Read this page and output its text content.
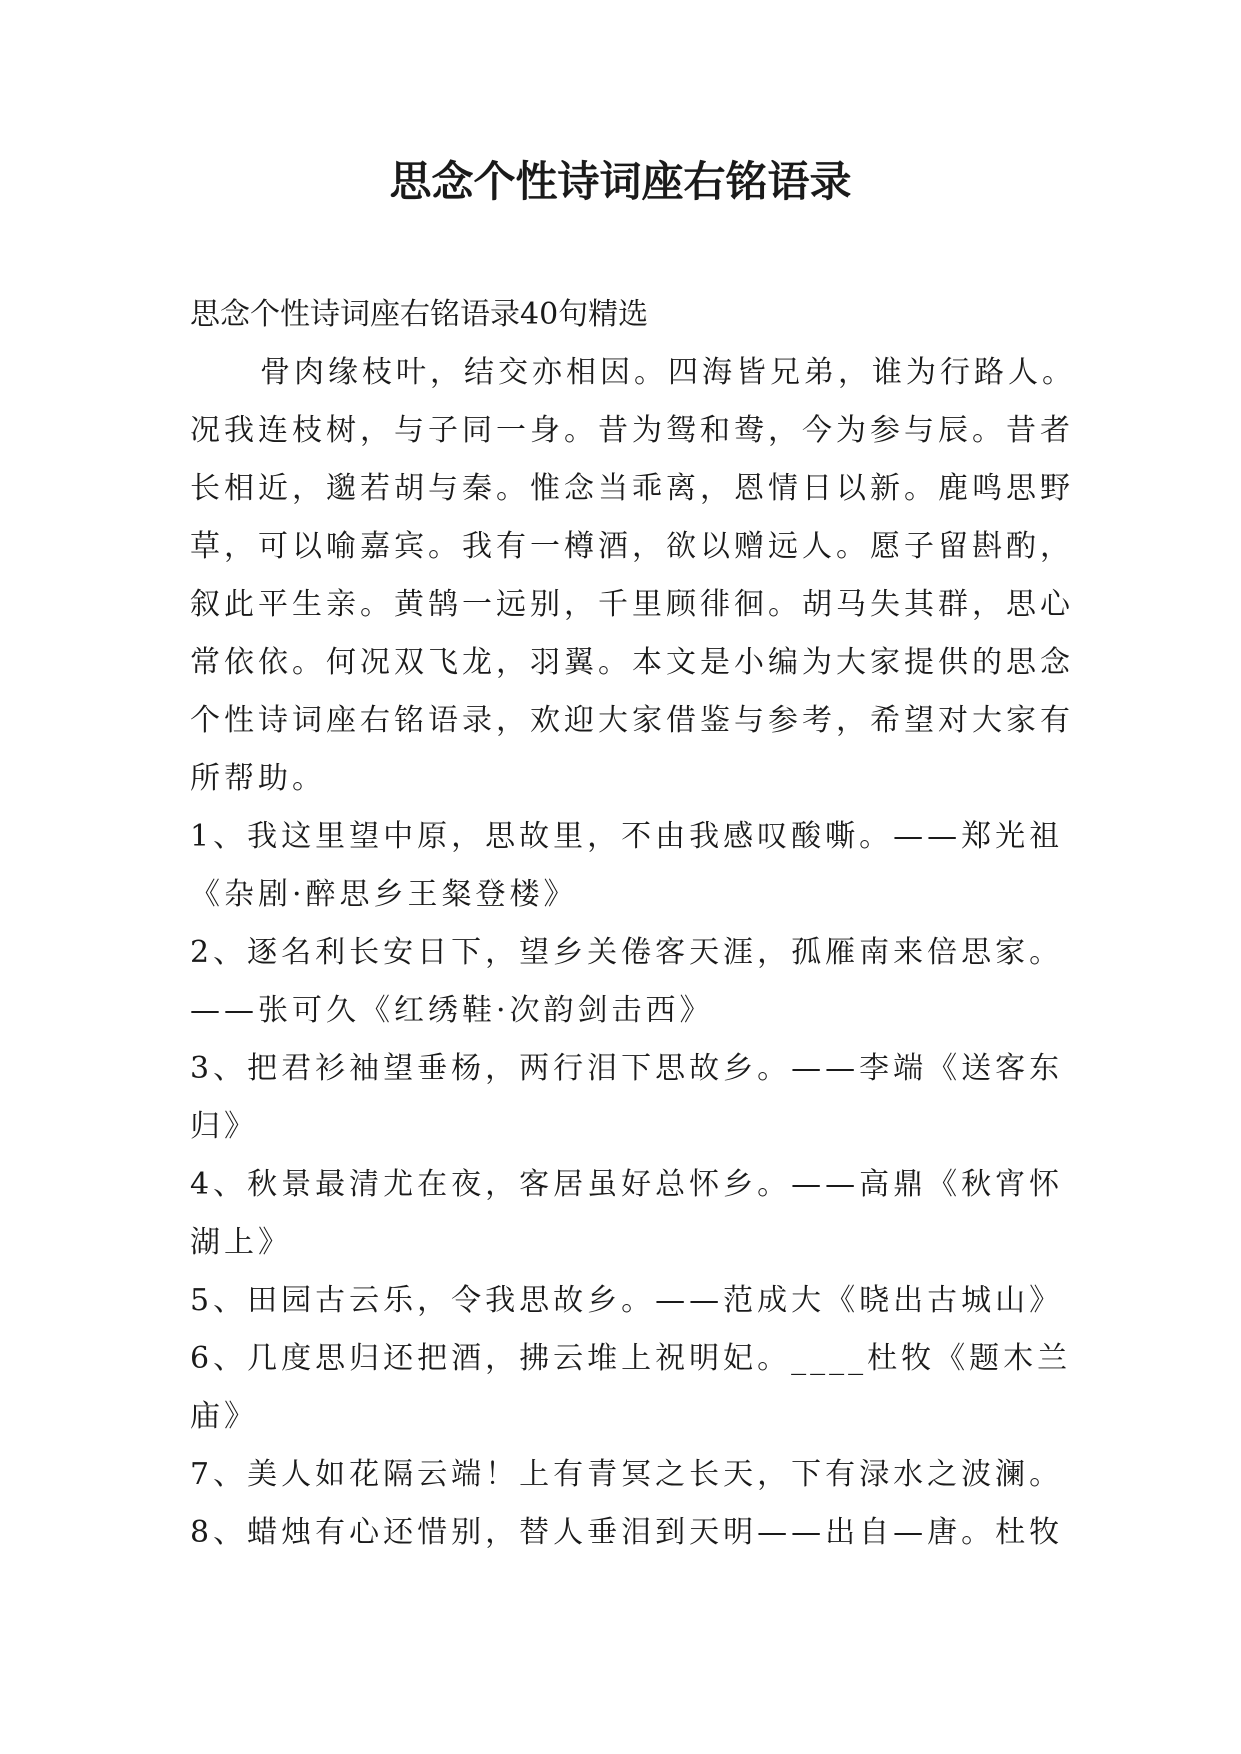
思念个性诗词座右铭语录
思念个性诗词座右铭语录40句精选
骨肉缘枝叶，结交亦相因。四海皆兄弟，谁为行路人。
况我连枝树，与子同一身。昔为鸳和鸯，今为参与辰。昔者
长相近，邈若胡与秦。惟念当乖离，恩情日以新。鹿鸣思野
草，可以喻嘉宾。我有一樽酒，欲以赠远人。愿子留斟酌，
叙此平生亲。黄鹄一远别，千里顾徘徊。胡马失其群，思心
常依依。何况双飞龙，羽翼。本文是小编为大家提供的思念
个性诗词座右铭语录，欢迎大家借鉴与参考，希望对大家有
所帮助。
1、我这里望中原，思故里，不由我感叹酸嘶。——郑光祖
《杂剧·醉思乡王粲登楼》
2、逐名利长安日下，望乡关倦客天涯，孤雁南来倍思家。
——张可久《红绣鞋·次韵剑击西》
3、把君衫袖望垂杨，两行泪下思故乡。——李端《送客东
归》
4、秋景最清尤在夜，客居虽好总怀乡。——高鼎《秋宵怀
湖上》
5、田园古云乐，令我思故乡。——范成大《晓出古城山》
6、几度思归还把酒，拂云堆上祝明妃。____杜牧《题木兰
庙》
7、美人如花隔云端！上有青冥之长天，下有渌水之波澜。
8、蜡烛有心还惜别，替人垂泪到天明——出自—唐。杜牧
